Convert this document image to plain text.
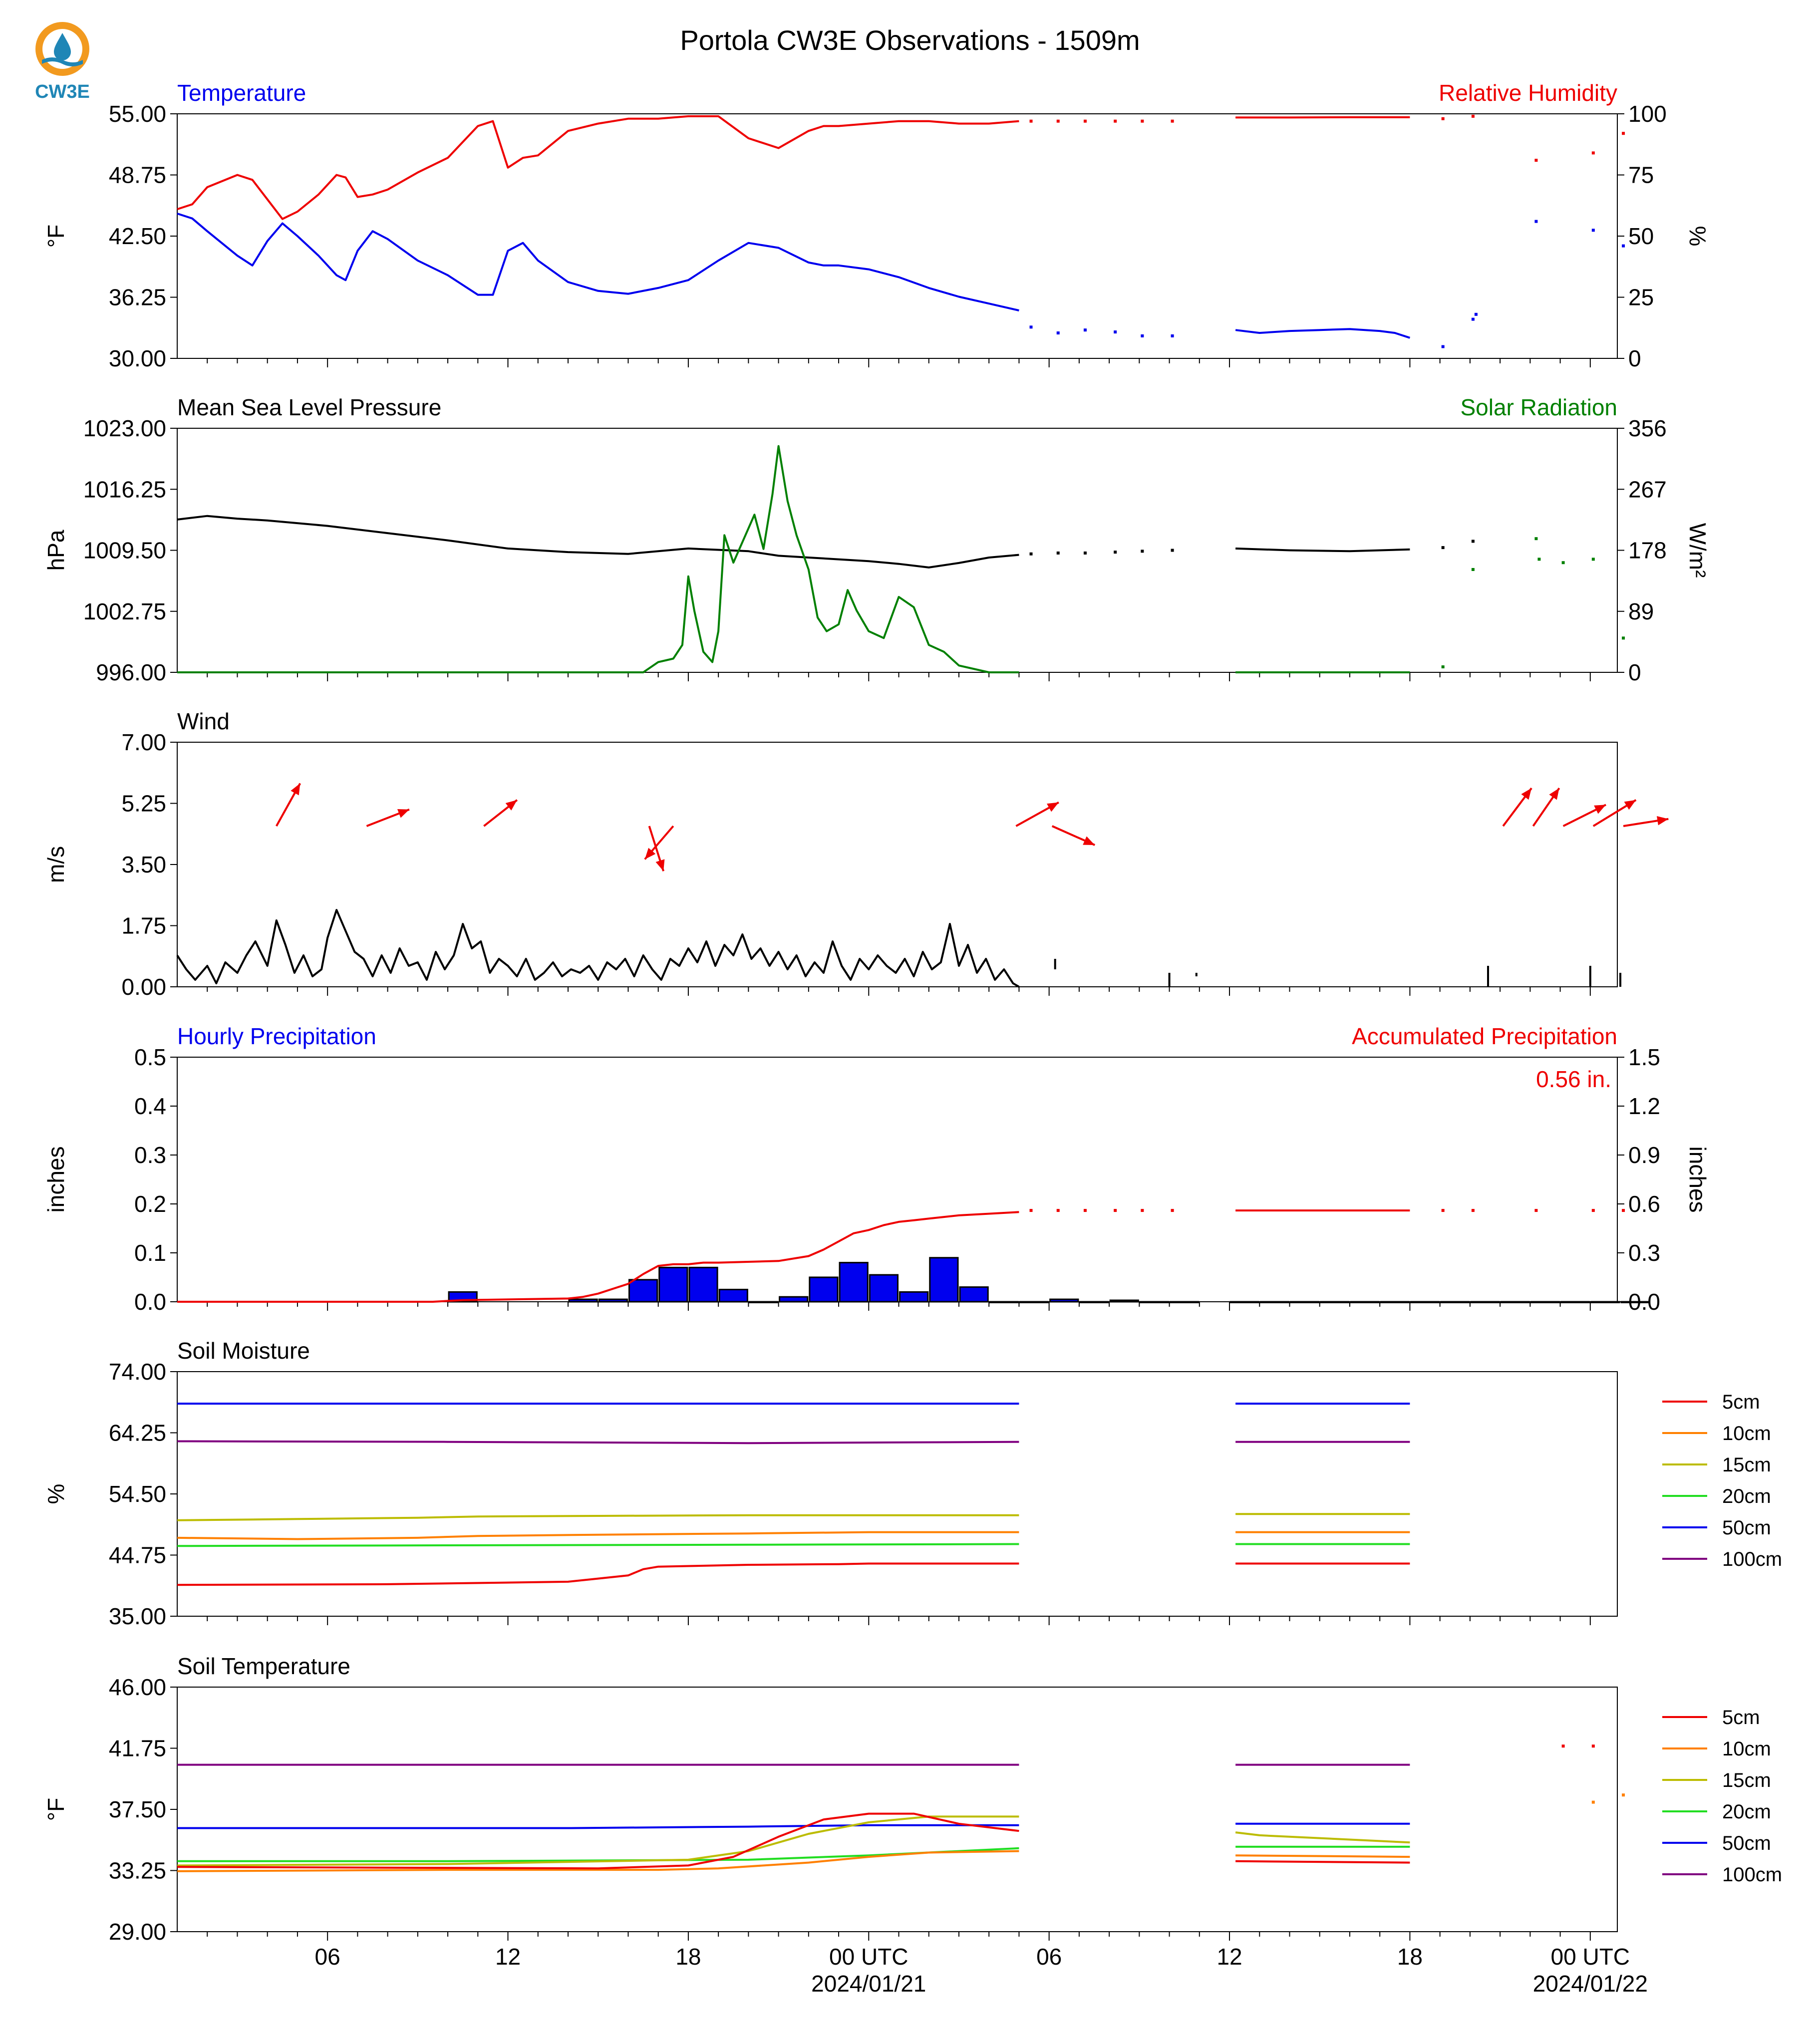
Portola CW3E Observations - 1509m
30.00
36.25
42.50
48.75
55.00
0
25
50
75
100
Temperature	Relative Humidity
°F	%
996.00
1002.75
1009.50
1016.25
1023.00
0
89
178
267
356
Mean Sea Level Pressure	Solar Radiation
hPa	W/m²
0.00
1.75
3.50
5.25
7.00
Wind
m/s
0.0
0.1
0.2
0.3
0.4
0.5
0.0
0.3
0.6
0.9
1.2
1.5
Hourly Precipitation	Accumulated Precipitation
inches	inches
0.56 in.
35.00
44.75
54.50
64.25
74.00
Soil Moisture
%
5cm
10cm
15cm
20cm
50cm
100cm
29.00
33.25
37.50
41.75
46.00
Soil Temperature
°F
5cm
10cm
15cm
20cm
50cm
100cm
06	12	18	00 UTC
2024/01/21
06	12	18	00 UTC
2024/01/22
CW3E
